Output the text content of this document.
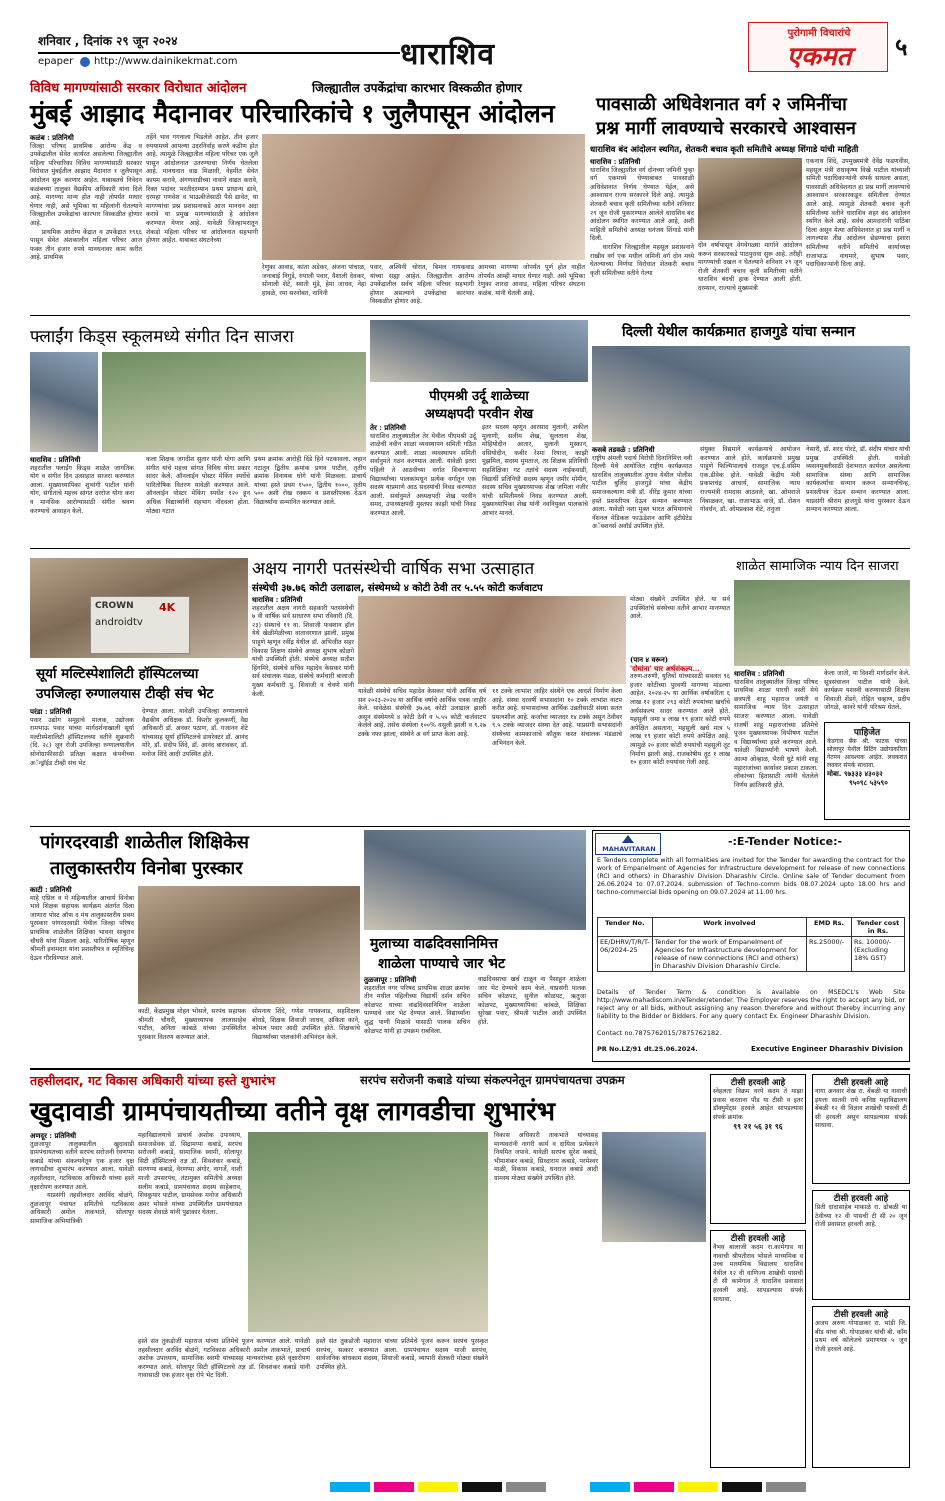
शनिवार , दिनांक २९ जून २०२४
epaper http://www.dainikekmat.com	धाराशिव
पुरोगामी विचारांचे
एकमत	५
विविध मागण्यांसाठी सरकार विरोधात आंदोलन	जिल्ह्यातील उपकेंद्रांचा कारभार विस्कळीत होणार
मुंबई आझाद मैदानावर परिचारिकांचे १ जुलैपासून आंदोलन
कळंब : प्रतिनिधी
जिल्हा परिषद प्राथमिक आरोग्य केंद्र व उपकेंद्रातील सेवेत कार्यरत असलेल्या जिल्ह्यातील महिला परिचारिका विविध मागण्यांसाठी सरकार विरोधात मुंबईतील आझाद मैदानात १ जुलैपासून आंदोलन सुरू करणार आहेत. याबाबतचे निवेदन कळंबच्या तालुका वैद्यकीय अधिकारी यांना दिले आहे. मागण्या मान्य होत नाही तोपर्यंत माघार घेणार नाही, असे भूमिका या महिलांनी घेतल्याने जिल्ह्यातील उपकेंद्रांचा कारभार विस्कळीत होणार आहे.
प्राथमिक आरोग्य केंद्रात व उपकेंद्रात १९६६ पासून सेवेत अंशकालीन महिला परिचर आज फक्त तीन हजार रुपये मानधनावर काम करीत आहे. प्राथमिक
तर्हेने भाव गगनाला भिडलेले आहेत. तीन हजार रुपयामध्ये आपल्या उदरनिर्वाह करणे कठीण होत आहे. त्यामुळे जिल्ह्यातील महिला परिचर एक जुलै पासून आंदोलनात उतरण्याचा निर्णय घेतलेला आहे. मानधनात वाढ मिळावी, नेहमीत सेवेत कायम करावे, अंगणवाडीच्या नावाने वाढत करावे, रिक्त पदांवर भरतीदरम्यान प्रथम प्राधान्य द्यावे, दरमहा गणवेश व भाऊबीजेसाठी पैसे द्यावेत, या मागण्यांचा प्रश्न प्रशासनाकडे आज मानधन अदा करावे या प्रमुख मागण्यांसाठी हे आंदोलन करण्यात येणार आहे. यावेळी जिल्हाभरातून शेकडो महिला परिचर या आंदोलनात सहभागी होणार आहेत. याबाबत संघटनेच्या
रेणुका आवाड, कांता अडेकर, अंजना पांचाळ, जनाबाई निगुडे, रुपाली पवार, वैशाली देवकर, सोनाली शेटे, स्वाती मुंडे, हेमा जाधव, नेहा हावळे, रमा सरनोबत, नानिनी
पवार, अश्विनी थोरात, बिमल गायकवाड यांच्या सह्या आहेत. जिल्ह्यातील आरोग्य उपकेंद्रातील सर्वच महिला परिचर सहभागी होणार असल्याने उपकेंद्रांचा कारभार विस्कळीत होणार आहे.
आमच्या मागण्या जोपर्यंत पूर्ण होत नाहीत तोपर्यंत आम्ही माघार घेणार नाही. असे भूमिका रेणुका शारदा आवाड, महिला परिचर संघटना कळंब. यांनी घेतली आहे.
पावसाळी अधिवेशनात वर्ग २ जमिनींचा
प्रश्न मार्गी लावण्याचे सरकारचे आश्वासन
धाराशिव बंद आंदोलन स्थगित, शेतकरी बचाव कृती समितीचे अध्यक्ष शिंगाडे यांची माहिती
धाराशिव : प्रतिनिधी
धाराशिव जिल्ह्यातील वर्ग दोनच्या जमिनी पुन्हा वर्ग एकमध्ये घेण्याबाबत पावसाळी अधिवेशनात निर्णय घेण्यात येईल, असे आश्वासन राज्य सरकारने दिले आहे. त्यामुळे शेतकरी बचाव कृती समितीच्या वतीने शनिवार २९ जून रोजी पुकारण्यात आलेले धाराशिव बंद आंदोलन स्थगित करण्यात आले आहे, अशी माहिती समितीचे अध्यक्ष धनंजय शिंगाडे यांनी दिली.
धाराशिव जिल्ह्यातील महसूल प्रशासनाने राखीव वर्ग एक मधील जमिनी वर्ग दोन मध्ये घेतल्याच्या निर्णया विरोधात शेतकरी बचाव कृती समितीच्या वतीने गेल्या
दोन वर्षापासून वेगवेगळ्या मार्गाने आंदोलन करून सरकारकडे पाठपुरावा सुरू आहे. तरीही मागण्यांची दखल न घेतल्याने शनिवार २९ जून रोजी शेतकरी बचाव कृती समितीच्या वतीने धाराशिव बंदची हाक देण्यात आली होती. दरम्यान, राज्याचे मुख्यमंत्री
एकनाथ शिंदे, उपमुख्यमंत्री देवेंद्र फडणवीस, महसूल मंत्री राधाकृष्ण विखे पाटील यांच्याशी समिती पदाधिकाऱ्यांनी संपर्क साधला असता, पावसाळी अधिवेशनात हा प्रश्न मार्गी लावण्याचे आश्वासन सरकारकडून समितीला देण्यात आले आहे. त्यामुळे शेतकरी बचाव कृती समितीच्या वतीने धाराशिव शहर बंद आंदोलन स्थगित केले आहे. सर्वच आमदारांनी पाठिंबा दिला असून येत्या अधिवेशनात हा प्रश्न मार्गी न लागल्यास तीव्र आंदोलन छेडण्याचा इशारा समितीच्या वतीने समितीचे कार्याध्यक्ष राजाभाऊ वाघमारे, सुभाष पवार, पदाधिकाऱ्यांनी दिला आहे.
फ्लाईंग किड्स स्कूलमध्ये संगीत दिन साजरा
धाराशिव : प्रतिनिधी
शहरातील फ्लाईंग किड्स शाळेत जागतिक योग व संगीत दिन उत्साहात साजरा करण्यात आला. मुख्याध्यापिका शुभांगी पाटील यांनी योग, संगीताचे महत्त्व सांगत दररोज योगा करा व मानसिक आरोग्यासाठी संगीत श्रवण करण्याचे आवाहन केले.
कला शिक्षक जगदीश सुतार यांनी योगा आणि संगीत यांचे महत्त्व सांगत विविध योगा प्रकार सादर केले. ऑनलाईन पोस्टर मेकिंग स्पर्धेचे पारितोषिक वितरण यावेळी करण्यात आले. ऑनलाईन पोस्टर मेकिंग स्पर्धेत १२० हून अधिक विद्यार्थ्यांनी सहभाग नोंदवला होता. मोठ्या गटात
प्रथम क्रमांक आरोही दिंडे हिने पटकावला. लहान गटातून द्वितीय क्रमांक प्रणव पाटील, तृतीय क्रमांक विनायक घोगे यांनी मिळवला. प्राचार्य यांच्या हस्ते प्रथम १५००, द्वितीय १०००, तृतीय ५०० अशी रोख रक्कम व प्रशस्तीपत्रक देऊन विद्यार्थ्यांना सन्मानित करण्यात आले.
पीएमश्री उर्दू शाळेच्या
अध्यक्षपदी परवीन शेख
तेर : प्रतिनिधी
धाराशिव तालुक्यातील तेर येथील पीएमश्री उर्दू शाळेची नवीन शाळा व्यवस्थापन समिती गठित करण्यात आली. शाळा व्यवस्थापन समिती सर्वानुमते गठन करण्यात आली. यावेळी इतरा पहिली ते आठवीच्या वर्गात शिकणाऱ्या विद्यार्थ्यांच्या पालकांमधून प्रत्येक वर्गातून एक सदस्य याप्रमाणे आठ सदस्यांची निवड करण्यात आली. सर्वानुमते अध्यक्षपदी शेख परवीन समद, उपाध्यक्षपदी मुस्तफा काझी यांची निवड करण्यात आली.
इतर सदस्य म्हणून आरसाद मुलानी, शकील मुलाणी, सलीम शेख, सुलताना शेख, मोहियोदीन आतार, मुलानी मुस्कान, वसियोदीन, कबीर रेश्मा रियाज, काझी मुझमिल, सदस्य मुमताज, तर शिक्षक प्रतिनिधी सहशिक्षिका गट तज्ञांचे सदस्य नाईकवाडी, विद्यार्थी प्रतिनिधी सदस्य म्हणून जमीर मोमीन, सदस्य सचिव मुख्याध्यापक शेख जमिला नजीर यांची समितीमध्ये निवड करण्यात आली. मुख्याध्यापिका शेख यांनी नवनियुक्त पालकांचे आभार मानले.
दिल्ली येथील कार्यक्रमात हाजगुडे यांचा सन्मान
कसबे तडवळे : प्रतिनिधी
राष्ट्रीय अंमली पदार्थ विरोधी दिनानिमित्त नवी दिल्ली येथे आयोजित राष्ट्रीय कार्यक्रमात धाराशिव तालुक्यातील तुगाव येथील पोलीस पाटील बुलिंद हाजगुडे यांचा केंद्रीय समाजकल्याण मंत्री डॉ. वीरेंद्र कुमार यांच्या हस्ते प्रशस्तीपत्र देऊन सन्मान करण्यात आला. यावेळी नशा मुक्त भारत अभियानाचे नॅशनल मेडिकल फाऊंडेशन आणि इंटीग्रेटेड अॅक्शनर्स अवॉर्ड उपस्थित होते.
संयुक्त विद्यमाने कार्यक्रमाचे आयोजन करण्यात आले होते. कार्यक्रमाचे प्रमुख पाहुणे फिल्मिपालाचे राजदूत एच.ई.वसिम एक.डीवेक होते. यावेळी केंद्रीय मंत्री प्रकाशचंद्र आचार्य, सामाजिक न्याय राज्यमंत्री रामदास आठवले, खा. ओमराजे निंबाळकर, खा. राजाभाऊ वाजे, डॉ. रोशन गोवर्धन, डॉ. ओमप्रकाश शेटे, तनुजा
नेसारी, डॉ. शरद पोरटे, डॉ. संदीप यांचार यांची प्रमुख उपस्थिती होती. यावेळी व्यसनमुक्तीसाठी देशभरात कार्यरत असलेल्या सामाजिक संस्था आणि सामाजिक कार्यकर्त्यांचा सन्मान करून सन्मानचिन्ह, प्रशस्तीपत्र देऊन सन्मान करण्यात आला. याप्रसंगी श्रीराम हाजगुडे यांना पुरस्कार देऊन सन्मान करण्यात आला.
CROWN
androidtv
4K
सूर्या मल्टिस्पेशालिटी हॉस्पिटलच्या
उपजिल्हा रुग्णालयास टीव्ही संच भेट
परंडा : प्रतिनिधी
पवार उद्योग समूहाचे मालक, उद्योजक रामभाऊ पवार यांच्या मार्गदर्शनाखाली सूर्या मल्टीस्पेशालिटी हॉस्पिटलच्या वतीने शुक्रवारी (दि. २८) जून रोजी उपजिल्हा रुग्णालयातील सोनोग्राफीसाठी प्रतिक्षा कक्षात कंपनीच्या अॅन्ड्रॉईड टीव्ही संच भेट
देण्यात आला. यावेळी उपजिल्हा रुग्णालयाचे वैद्यकीय अधिक्षक डॉ. किशोर कुलकर्णी, वैद्य अधिकारी डॉ. अनवर पठाण, डॉ. गजानन शेटे यांच्यासह सूर्या हॉस्पिटलचे डायरेक्टर डॉ. आनंद मोरे, डॉ. संदीप शिंदे, डॉ. आनंद बारावकर, डॉ. मनोज शिंदे आदी उपस्थित होते.
अक्षय नागरी पतसंस्थेची वार्षिक सभा उत्साहात
संस्थेची ३७.७६ कोटी उलाढाल, संस्थेमध्ये ४ कोटी ठेवी तर ५.५५ कोटी कर्जवाटप
धाराशिव : प्रतिनिधी
शहरातील अक्षय नागरी सहकारी पतसंस्थेची ७ वी वार्षिक सर्व साधारण सभा रविवारी (दि. २३) संस्थाचे ११ वा. शिवाजी फक्शान हॉल येथे खेळीमेळीच्या वातावरणात झाली. प्रमुख पाहुणे म्हणून रवींद्र येथील डॉ. अभिजीत सहर विकास शिक्षण संस्थेचे अध्यक्ष सुभाष कोळगे यांची उपस्थिती होती. संस्थेचे अध्यक्ष सतीश हिंगमिरे, संस्थेचे सचिव महादेव केसकर यांनी सर्व संचालक मंडळ, संस्थेचे कर्मचारी बालाजी मुख्य कर्मचारी पु. शिवाजी व चेवणे यांनी केली.	यावेळी संस्थेचे सचिव महादेव केसकर यांनी आर्थिक वर्ष सन २०२३-२०२४ या आर्थिक वर्षाचे आर्थिक पत्रक जाहीर केले. यावेळेस संस्थेची ३७.७६ कोटी उलाढाल झाली असून संस्थेमध्ये ४ कोटी ठेवी व ५.५५ कोटी कर्जवाटप केलेले आहे. तसेच संस्थेला १००% वसुली झाली व ९.२७ टक्के नफा झाला, संस्थेने अ वर्ग प्राप्त केला आहे.
११ टक्के लाभांश जाहिर संस्थेने एक आदर्श निर्माण केला आहे. संस्था दरवर्षी सभासदांना १० टक्के लाभांश वाटप करीत आहे. सभासदांच्या आर्थिक उन्नतीसाठी संस्था सतत प्रयत्नशील आहे. कर्जाचा व्याजदर १४ टक्के असून ठेवीवर ९.५ टक्के व्याजदर संस्था देत आहे. याप्रसंगी सभासदांनी संस्थेच्या कामकाजाचे कौतुक करत संचालक मंडळाचे अभिनंदन केले.
मोठ्या संख्येने उपस्थित होते. या सर्व उपस्थितांचे संस्थेच्या वतीने आभार मानण्यात आले.
(पान ४ वरून)
'दोघांना' चार अर्थसंकल्प...
तरुण-तरुणी, युतियों यांच्यासाठी सवलत ९६ हजार कोटींच्या पुरवणी मागण्या मांडल्या आहेत. २०२४-२५ या आर्थिक वर्षाकरिता ६ लाख १२ हजार २९३ कोटी रुपयांच्या खर्चाचे अर्थसंकल्प सादर करण्यात आले होते. महसुली जमा ४ लाख ९९ हजार कोटी रुपये अपेक्षित असताना, महसुली खर्च मात्र ५ लाख १९ हजार कोटी रुपये अपेक्षित आहे. त्यामुळे २० हजार कोटी रुपयांची महसुली तूट निर्माण झाली आहे. राजकोषीय तूट १ लाख १० हजार कोटी रुपयांवर गेली आहे.
शाळेत सामाजिक न्याय दिन साजरा
धाराशिव : प्रतिनिधी
धाराशिव तालुक्यातील जिल्हा परिषद प्राथमिक शाळा पारधी वस्ती येथे छत्रपती शाहू महाराज जयंती व सामाजिक न्याय दिन उत्साहात साजरा करण्यात आला. यावेळी राजर्षी शाहू महाराजांच्या प्रतिमेचे पूजन मुख्याध्यापक विभीषण पाटील व विद्यार्थ्यांच्या हस्ते करण्यात आले. यावेळी विद्यार्थ्यांनी भाषणे केली. आत्मा ओव्हाळ, भैरवी धुटे यांनी शाहू महाराजांच्या कार्यावर प्रकाश टाकला. लोकांच्या हितासाठी त्यांनी घेतलेले निर्णय क्रांतिकारी होते.
केला जातो, या दिवशी मार्गदर्शन केले. सूत्रसंचालन पाटील यांनी केले. कार्यक्रम यशस्वी करण्यासाठी शिक्षक शिवाजी शेंडगे, रोहित चव्हाण, प्रदीप जोगळे, कावरे यांनी परिश्रम घेतले.
पाहिजेत
केडगाव बँक श्री. फाटक यांच्या सोलापूर येथील प्रिंटिंग उद्योगाकरिता गेटमन आवश्यक आहेत. लवकरात लवकर संपर्क साधावा.
मोबा. ९७३३३ ४३०३२
९५०९८ ५३५९०
पांगरदरवाडी शाळेतील शिक्षिकेस
तालुकास्तरीय विनोबा पुरस्कार
काटी : प्रतिनिधी
माहे एप्रिल व मे महिन्यातील आचार्य विनोबा भावे शिक्षक सहायक कार्यक्रम अंतर्गत दिला जाणारा पोस्ट ऑफ द मंथ तालुकास्तरीय प्रथम पुरस्कार पांगरदरवाडी येथील जिल्हा परिषद प्राथमिक शाळेतील शिक्षिका भावना साबुराव चौघरी यांना मिळाला आहे. पारितोषिक म्हणून श्रीमती इनामदार यांना प्रशस्तीपत्र व स्मृतिचिन्ह देऊन गौरविण्यात आले.
काटी, केंद्रप्रमुख मोहन भोसले, सरपंच सहायक श्रीमती चौधरी, मुख्याध्यापक लालासाहेब पाटील, अनिता कांबळे यांच्या उपस्थितीत पुरस्कार वितरण करण्यात आले.
सोमनाथ शिंदे, गणेश गायकवाड, सहशिक्षक बोराडे, शिक्षक शिवाजी जाधव, अंकिता काने, कोमल पवार आदी उपस्थित होते. शिक्षकांचे विद्यार्थ्यांच्या पालकांनी अभिनंदन केले.
मुलाच्या वाढदिवसानिमित्त
शाळेला पाण्याचे जार भेट
तुळजापूर : प्रतिनिधी
शहरातील नगर परिषद प्राथमिक शाळा क्रमांक तीन मधील पहिलीच्या विद्यार्थी दर्शन सचिन कोळपट याच्या वाढदिवसानिमित्त शाळेला पाण्याचे जार भेट देण्यात आले. विद्यार्थ्यांना शुद्ध पाणी मिळावे यासाठी पालक सचिन कोळपट यांनी हा उपक्रम राबविला.
वाढदिवसाचा खर्च टाळून ना पैसाहून शाळेला जार भेट देण्याचे काम केले. याप्रसंगी पालक सचिन कोळपट, सुनील कोळपट, ऋतुजा कोळपट, मुख्याध्यापिका कांबळे, शिक्षिका सुरेखा पवार, श्रीमती पाटील आदी उपस्थित होते.
MAHAVITARAN
-:E-Tender Notice:-
E Tenders complete with all formalities are invited for the Tender for awarding the contract for the work of Empanelment of Agencies for Infrastructure development for release of new connections (RCI and others) in Dharashiv Division Dharashiv Circle. Online sale of Tender document from 26.06.2024 to 07.07.2024. submission of Techno-comm bids 08.07.2024 upto 18.00 hrs and techno-commercial bids opening on 09.07.2024 at 11.00 hrs.
Tender No.	Work involved	EMD Rs.	Tender cost in Rs.
EE/DHRV/T/R/T-06/2024-25	Tender for the work of Empanelment of Agencies for Infrastructure development for release of new connections (RCI and others) in Dharashiv Division Dharashiv Circle.	Rs.25000/-	Rs. 10000/- (Excluding 18% GST)
Details of Tender Term & condition is available on MSEDCL's Web Site http://www.mahadiscom.in/eTender/etender. The Employer reserves the right to accept any bid, or reject any or all bids, without assigning any reason therefore and without thereby incurring any liability to the Bidder or Bidders. For any query contact Ex. Engineer Dharashiv Division.
Contact no.7875762015/7875762182.
PR No.LZ/91 dt.25.06.2024.	Executive Engineer Dharashiv Division
तहसीलदार, गट विकास अधिकारी यांच्या हस्ते शुभारंभ	सरपंच सरोजनी कबाडे यांच्या संकल्पनेतून ग्रामपंचायतचा उपक्रम
खुदावाडी ग्रामपंचायतीच्या वतीने वृक्ष लागवडीचा शुभारंभ
अणदूर : प्रतिनिधी
तुळजापूर तालुक्यातील खुदावाडी ग्रामपंचायतच्या वतीने सरपंच सरोजनी रेवणप्पा कबाडे यांच्या संकल्पनेतून एक हजार वृक्ष लागवडीचा शुभारंभ करण्यात आला. यावेळी तहसीलदार, गटविकास अधिकारी यांच्या हस्ते वृक्षारोपण करण्यात आले.
याप्रसंगी तहसीलदार अरविंद बोळंगे, तुळजापूर पंचायत समितीचे गटविकास अधिकारी अमोल ताकभाते, सोलापूर सामाजिक अभियांत्रिकी
महाविद्यालयाचे प्राचार्य अशोक उपाध्याय, समाजसेवक डॉ. सिद्रामप्पा कबाडे, सरपंच सरोजनी कबाडे, सामाजिक स्वामी, सोलापूर सिटी हॉस्पिटलचे तज्ञ डॉ. शिवशंकर कबाडे, सरणप्पा कबाडे, वेरणप्पा अंगोर, नागर्जे, नाशी माजी उपसरपंच, तंटामुक्त समितीचे अध्यक्ष सलीम कबाडे, ग्रामपंचायत सदस्य साहेबराव, शिवकुमार पाटील, ग्रामसेवक मनोज अधिकारी अमर भोसले यांच्या उपस्थितीत ग्रामपंचायत सदस्य शेवाळे यांनी पुढाकार घेतला.
हस्ते संत तुकडोजी महाराज यांच्या प्रतिमेचे पूजन करण्यात आले. यावेळी तहसीलदार अरविंद बोळंगे, गटविकास अधिकारी अमोल ताकभाते, प्राचार्य अशोक उपाध्याय, सामाजिक स्वामी यांच्यासह मान्यवरांच्या हस्ते वृक्षारोपण करण्यात आले. सोलापूर सिटी हॉस्पिटलचे तज्ञ डॉ. शिवशंकर कबाडे यांनी गावासाठी एक हजार वृक्ष रोपे भेट दिली.
हस्ते संत तुकडोजी महाराज यांच्या प्रतिमेचे पूजन करून सरपंच पुरस्कृत सरपंच, सत्कार करण्यात आला. ग्रामपंचायत सदस्य माजी सरपंच, सार्वजनिक बांधकाम सदस्य, शिवाजी कबाडे, व्यापारी शेतकरी मोठ्या संख्येने उपस्थित होते.
विकास अधिकारी ताकभाते यांच्यासह मान्यवरांनी नागरी कार्य व दायित्व प्रत्येकाने नियमित जपावे. यावेळी सरपंच सुरेश कबाडे, भीमाशंकर कबाडे, सिध्दाराम कबाडे, परमेश्वर माळी, विकास कबाडे, धनराज कबाडे आदी ग्रामस्थ मोठ्या संख्येने उपस्थित होते.
टीसी हरवली आहे
स्नेहलता विक्रम वरपे कदम ते माझा प्रवास करताना पौंड या टीसी व इतर डॉक्युमेंट्स हरवले आहेत सापडल्यास संपर्क क्रमांक
९९ २१ ५६ ३१ ९६
टीसी हरवली आहे
नागा अनवार शेख रा. बेंबळी या नावाची इयत्ता सातवी राये कनिष्ठ महाविद्यालय बेंबळी १२ वी विज्ञान शाखेची पासची टी सी हरवली असून सापडल्यास संपर्क साधावा.
टीसी हरवली आहे
वैभव बालाजी कदम रा.कामेगाव या नावाची श्रीपतीराव भोसले माध्यमिक व उच्च माध्यमिक विद्यालय धाराशिव येथील १२ वी वाणिज्य शाखेची पासची टी सी कामेगाव ते धाराशिव प्रवासात हरवली आहे. सापडल्यास संपर्क साधावा.
टीसी हरवली आहे
प्रिती दादासाहेब माकाळे रा. ढोबळी या ठेवीच्या १२ वी पासची टी सी २० जून रोजी प्रवासात हरवली आहे.
टीसी हरवली आहे
अजय अरुण गोपाळकर रा. भांडी जि. बीड यांचा श्री. गोपाळकर यांची बी. कॉम प्रथम वर्ष कॉलेजचे प्रमाणपत्र ५ जून रोजी हरवले आहे.
